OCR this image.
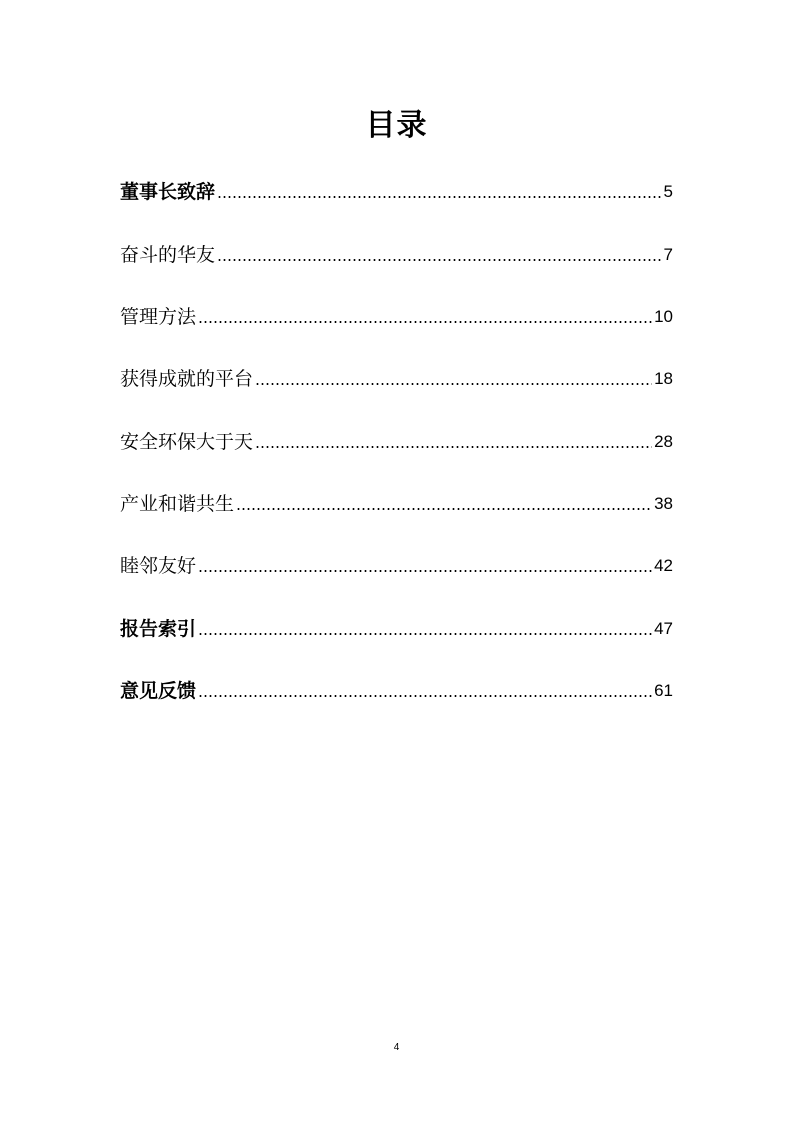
目录
董事长致辞	5
奋斗的华友	7
管理方法	10
获得成就的平台	18
安全环保大于天	28
产业和谐共生	38
睦邻友好	42
报告索引	47
意见反馈	61
4
